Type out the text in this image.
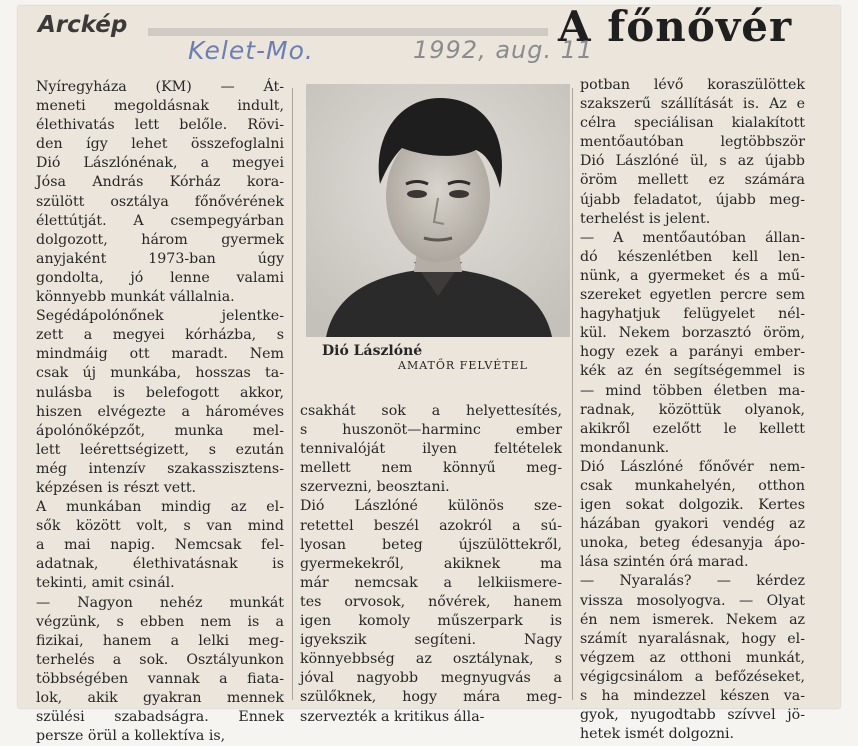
Arckép	A főnővér
Kelet-Mo.	1992, aug. 11
Nyíregyháza (KM) — Át-
meneti megoldásnak indult,
élethivatás lett belőle. Rövi-
den így lehet összefoglalni
Dió Lászlónénak, a megyei
Jósa András Kórház kora-
szülött osztálya főnővérének
élettútját. A csempegyárban
dolgozott, három gyermek
anyjaként 1973-ban úgy
gondolta, jó lenne valami
könnyebb munkát vállalnia.
Segédápolónőnek jelentke-
zett a megyei kórházba, s
mindmáig ott maradt. Nem
csak új munkába, hosszas ta-
nulásba is belefogott akkor,
hiszen elvégezte a hároméves
ápolónőképzőt, munka mel-
lett leérettségizett, s ezután
még intenzív szakasszisztens-
képzésen is részt vett.
A munkában mindig az el-
sők között volt, s van mind
a mai napig. Nemcsak fel-
adatnak, élethivatásnak is
tekinti, amit csinál.
— Nagyon nehéz munkát
végzünk, s ebben nem is a
fizikai, hanem a lelki meg-
terhelés a sok. Osztályunkon
többségében vannak a fiata-
lok, akik gyakran mennek
szülési szabadságra. Ennek
persze örül a kollektíva is,
Dió Lászlóné
AMATŐR FELVÉTEL
csakhát sok a helyettesítés,
s huszonöt—harminc ember
tennivalóját ilyen feltételek
mellett nem könnyű meg-
szervezni, beosztani.
Dió Lászlóné különös sze-
retettel beszél azokról a sú-
lyosan beteg újszülöttekről,
gyermekekről, akiknek ma
már nemcsak a lelkiismere-
tes orvosok, nővérek, hanem
igen komoly műszerpark is
igyekszik segíteni. Nagy
könnyebbség az osztálynak, s
jóval nagyobb megnyugvás a
szülőknek, hogy mára meg-
szervezték a kritikus álla-
potban lévő koraszülöttek
szakszerű szállítását is. Az e
célra speciálisan kialakított
mentőautóban legtöbbször
Dió Lászlóné ül, s az újabb
öröm mellett ez számára
újabb feladatot, újabb meg-
terhelést is jelent.
— A mentőautóban állan-
dó készenlétben kell len-
nünk, a gyermeket és a mű-
szereket egyetlen percre sem
hagyhatjuk felügyelet nél-
kül. Nekem borzasztó öröm,
hogy ezek a parányi ember-
kék az én segítségemmel is
— mind többen életben ma-
radnak, közöttük olyanok,
akikről ezelőtt le kellett
mondanunk.
Dió Lászlóné főnővér nem-
csak munkahelyén, otthon
igen sokat dolgozik. Kertes
házában gyakori vendég az
unoka, beteg édesanyja ápo-
lása szintén órá marad.
— Nyaralás? — kérdez
vissza mosolyogva. — Olyat
én nem ismerek. Nekem az
számít nyaralásnak, hogy el-
végzem az otthoni munkát,
végigcsinálom a befőzéseket,
s ha mindezzel készen va-
gyok, nyugodtabb szívvel jö-
hetek ismét dolgozni.
